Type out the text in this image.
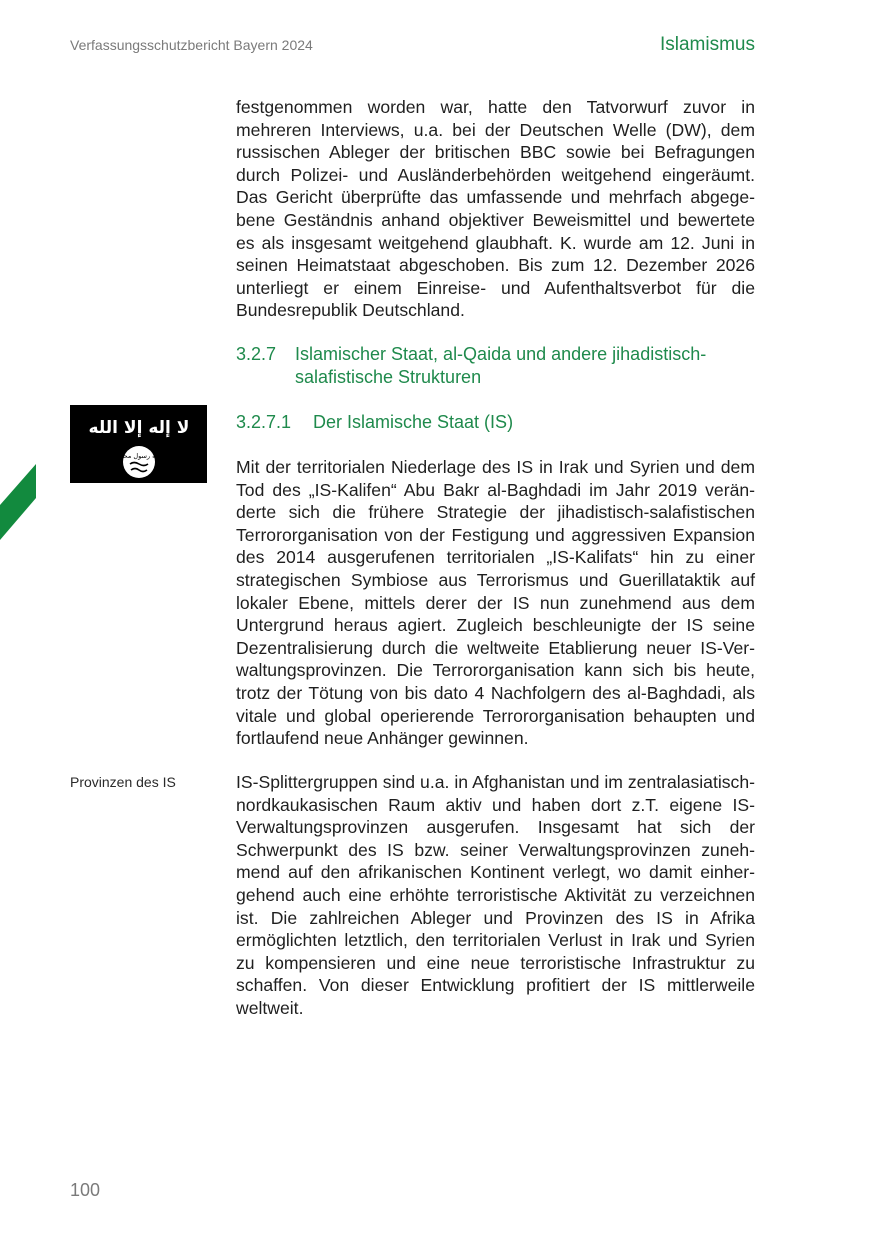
Verfassungsschutzbericht Bayern 2024	Islamismus

festgenommen worden war, hatte den Tatvorwurf zuvor in mehreren Interviews, u.a. bei der Deutschen Welle (DW), dem russischen Ableger der britischen BBC sowie bei Befragungen durch Polizei- und Ausländerbehörden weitgehend eingeräumt. Das Gericht überprüfte das umfassende und mehrfach abgegebene Geständnis anhand objektiver Beweismittel und bewertete es als insgesamt weitgehend glaubhaft. K. wurde am 12. Juni in seinen Heimatstaat abgeschoben. Bis zum 12. Dezember 2026 unterliegt er einem Einreise- und Aufenthaltsverbot für die Bundesrepublik Deutschland.

3.2.7 Islamischer Staat, al-Qaida und andere jihadistisch-salafistische Strukturen
لا إله إلا الله
الله رسول محمد
3.2.7.1 Der Islamische Staat (IS)

Mit der territorialen Niederlage des IS in Irak und Syrien und dem Tod des „IS-Kalifen“ Abu Bakr al-Baghdadi im Jahr 2019 veränderte sich die frühere Strategie der jihadistisch-salafistischen Terrororganisation von der Festigung und aggressiven Expansion des 2014 ausgerufenen territorialen „IS-Kalifats“ hin zu einer strategischen Symbiose aus Terrorismus und Guerillataktik auf lokaler Ebene, mittels derer der IS nun zunehmend aus dem Untergrund heraus agiert. Zugleich beschleunigte der IS seine Dezentralisierung durch die weltweite Etablierung neuer IS-Verwaltungsprovinzen. Die Terrororganisation kann sich bis heute, trotz der Tötung von bis dato 4 Nachfolgern des al-Baghdadi, als vitale und global operierende Terrororganisation behaupten und fortlaufend neue Anhänger gewinnen.

Provinzen des IS	IS-Splittergruppen sind u.a. in Afghanistan und im zentralasiatisch-nordkaukasischen Raum aktiv und haben dort z.T. eigene IS-Verwaltungsprovinzen ausgerufen. Insgesamt hat sich der Schwerpunkt des IS bzw. seiner Verwaltungsprovinzen zunehmend auf den afrikanischen Kontinent verlegt, wo damit einhergehend auch eine erhöhte terroristische Aktivität zu verzeichnen ist. Die zahlreichen Ableger und Provinzen des IS in Afrika ermöglichten letztlich, den territorialen Verlust in Irak und Syrien zu kompensieren und eine neue terroristische Infrastruktur zu schaffen. Von dieser Entwicklung profitiert der IS mittlerweile weltweit.

100
